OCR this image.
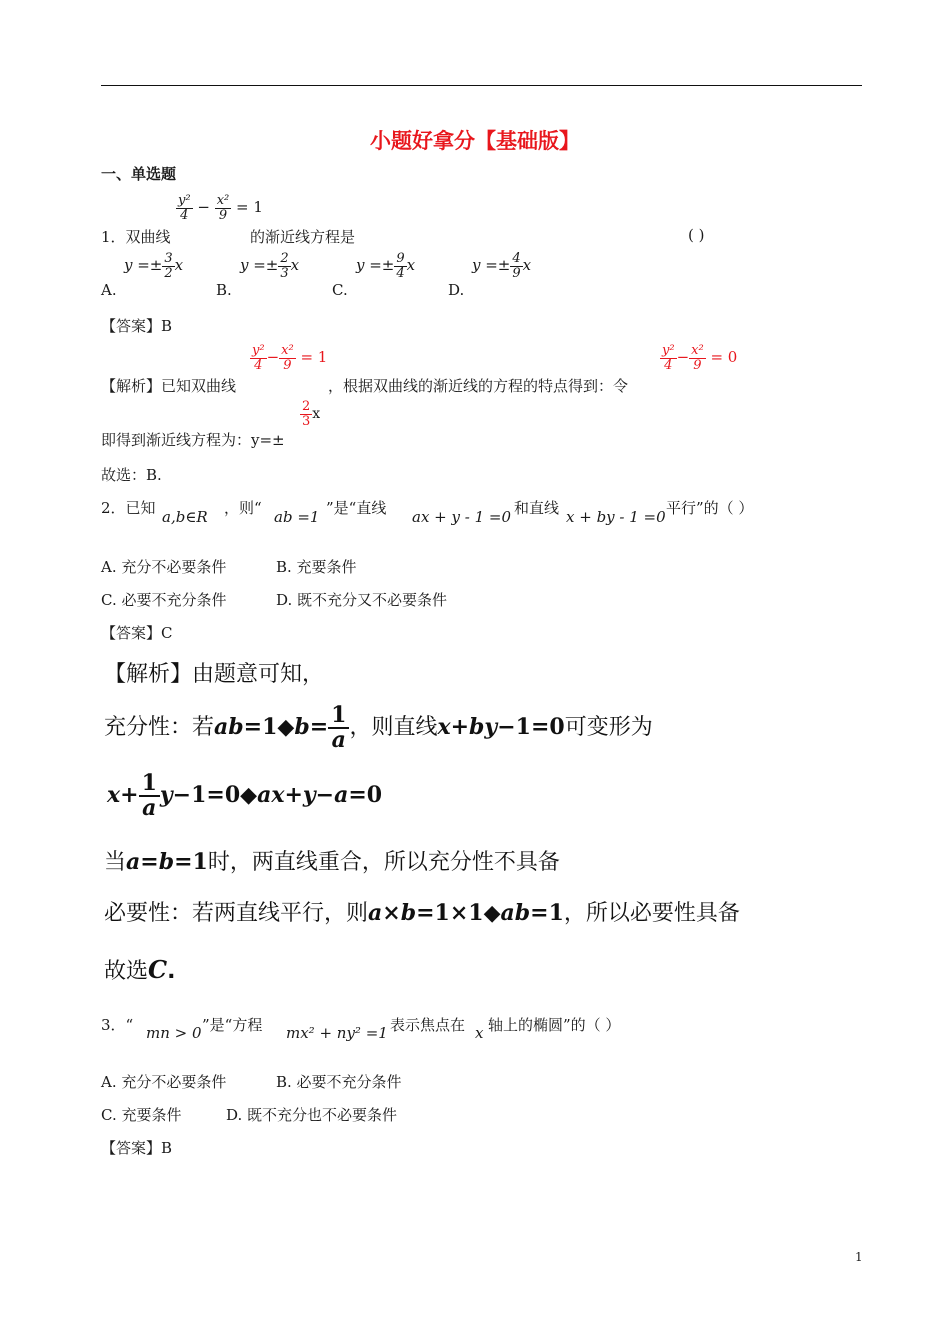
小题好拿分【基础版】
一、单选题
1．双曲线
$\frac{\text{y²}}{4} - \frac{\text{x²}}{9} = 1$
的渐近线方程是	( )
A.
$y =\pm \frac{3}{2}$ x
B.
$y =\pm \frac{2}{3}$ x
C.
$y =\pm \frac{9}{4}$ x
D.
$y =\pm \frac{4}{9}$ x
【答案】B
【解析】已知双曲线
$\frac{\text{y²}}{4} - \frac{\text{x²}}{9} = 1$
，根据双曲线的渐近线的方程的特点得到：令
$\frac{\text{y²}}{4} - \frac{\text{x²}}{9} = 0$
即得到渐近线方程为：y=±
$\frac{2}{3}$ x
故选：B.
2．已知 a,b∈R ，则“ ab =1 ”是“直线 ax + y - 1 =0 和直线 x + by - 1 =0 平行”的（ ）
A. 充分不必要条件	B. 充要条件
C. 必要不充分条件	D. 既不充分又不必要条件
【答案】C
【解析】由题意可知，
充分性：若ab=1◆b= $\frac{1}{a}$ ，则直线x+by−1=0可变形为
$x+ \frac{1}{a}$ y−1=0◆ax+y−a=0
当a=b=1时，两直线重合，所以充分性不具备
必要性：若两直线平行，则a×b=1×1◆ab=1，所以必要性具备
故选C.
3．“ mn > 0 ”是“方程 mx² + ny² =1 表示焦点在 x 轴上的椭圆”的（ ）
A. 充分不必要条件	B. 必要不充分条件
C. 充要条件	D. 既不充分也不必要条件
【答案】B
1
